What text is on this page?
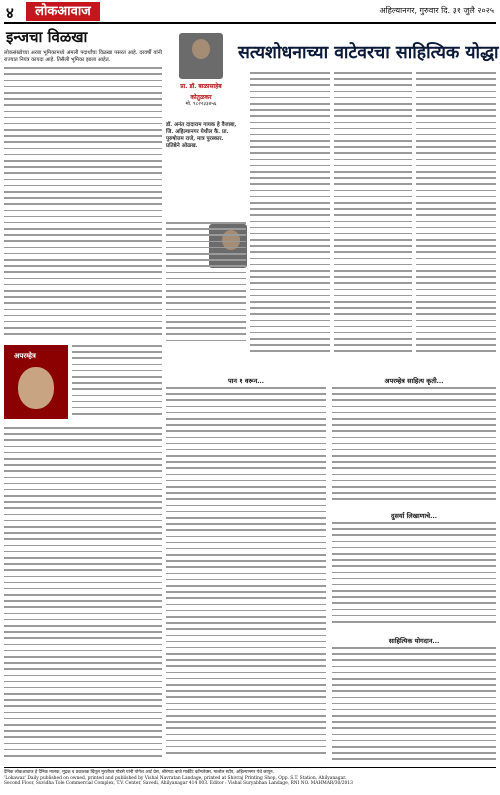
४	लोकआवाज	अहिल्यानगर, गुरुवार दि. ३१ जुलै २०२५
इन्जचा विळखा

लोकसंख्येच्या अरबा भूमिकामध्ये अंमली पदार्थांचा विळखा पसरत आहे. दरवर्षी यांनी राज्यात नियंत्र कायदा आहे. तिसैली भूमिका झाला आहेत.

प्रा. डॉ. बाळासाहेब
कोतुळकर
मो. ९८२२३३४५६
सत्यशोधनाच्या वाटेवरचा साहित्यिक योद्धा
डॉ. अनंत दादाराम गायक हे वैजाबा, जि. अहिल्यानगर येथील कै. प्रा. पुरुषोत्तम राजे, मात्र पुरस्कार. प्रतिष्ठेने ओळख.
अपरम्हेत्र
पान १ वरून...	अपरम्हेत्र साहित्य कृती...
दुसर्या लिखाणाचे...
साहित्यिक योगदान...
दैनिक लोकआवाज हे दैनिक मालक, मुद्रक व प्रकाशक चिंतूल मुरलीधर गोडसे यांनी योगेश आर्ट प्रेस, श्रीरंगटा बाजे मार्कीट कॉम्प्लेक्स, मालोल स्टॉप, अहिल्यानगर येथे छापून.
'Lokawaz' Daily published on owned, printed and published by Vishal Navratan Landage, printed at Shivraj Printing Shop, Opp. S.T. Station, Ahilyanagar.
Second Floor, Suvidha Tole Commercial Complex, T.V. Center, Savedi, Ahilyanagar 414 003. Editor : Vishal Suryabhan Landage, RNI NO. MAHMAR/30/2013
